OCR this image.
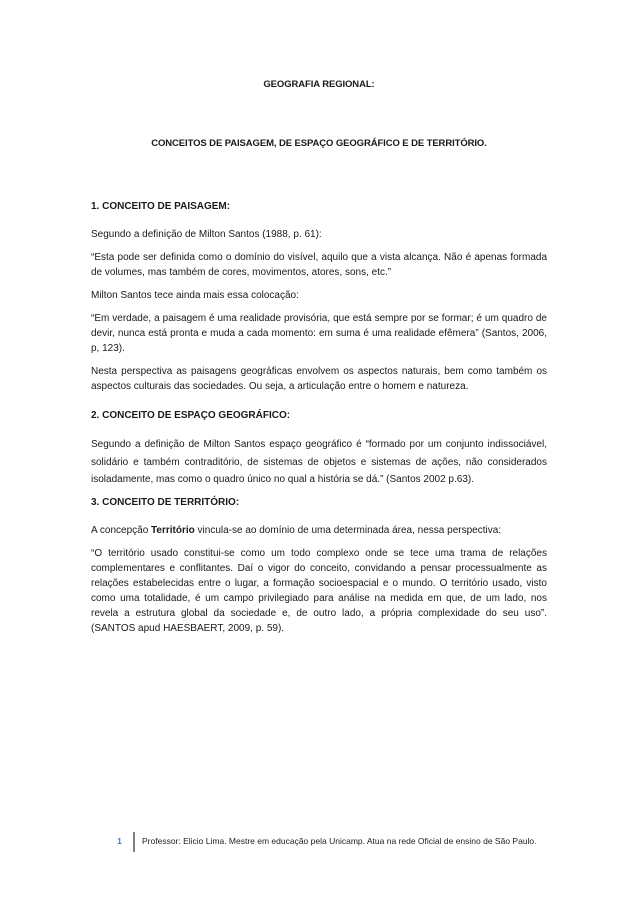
GEOGRAFIA REGIONAL:
CONCEITOS DE PAISAGEM, DE ESPAÇO GEOGRÁFICO E DE TERRITÓRIO.
1. CONCEITO DE PAISAGEM:

Segundo a definição de Milton Santos (1988, p. 61):

“Esta pode ser definida como o domínio do visível, aquilo que a vista alcança. Não é apenas formada de volumes, mas também de cores, movimentos, atores, sons, etc.”

Milton Santos tece ainda mais essa colocação:

“Em verdade, a paisagem é uma realidade provisória, que está sempre por se formar; é um quadro de devir, nunca está pronta e muda a cada momento: em suma é uma realidade efêmera” (Santos, 2006, p, 123).

Nesta perspectiva as paisagens geográficas envolvem os aspectos naturais, bem como também os aspectos culturais das sociedades. Ou seja, a articulação entre o homem e natureza.

2. CONCEITO DE ESPAÇO GEOGRÁFICO:

Segundo a definição de Milton Santos espaço geográfico é “formado por um conjunto indissociável, solidário e também contraditório, de sistemas de objetos e sistemas de ações, não considerados isoladamente, mas como o quadro único no qual a história se dá.” (Santos 2002 p.63).

3. CONCEITO DE TERRITÓRIO:

A concepção Território vincula-se ao domínio de uma determinada área, nessa perspectiva:

“O território usado constitui-se como um todo complexo onde se tece uma trama de relações complementares e conflitantes. Daí o vigor do conceito, convidando a pensar processualmente as relações estabelecidas entre o lugar, a formação socioespacial e o mundo. O território usado, visto como uma totalidade, é um campo privilegiado para análise na medida em que, de um lado, nos revela a estrutura global da sociedade e, de outro lado, a própria complexidade do seu uso”. (SANTOS apud HAESBAERT, 2009, p. 59).

1	Professor: Elicio Lima. Mestre em educação pela Unicamp. Atua na rede Oficial de ensino de São Paulo.
